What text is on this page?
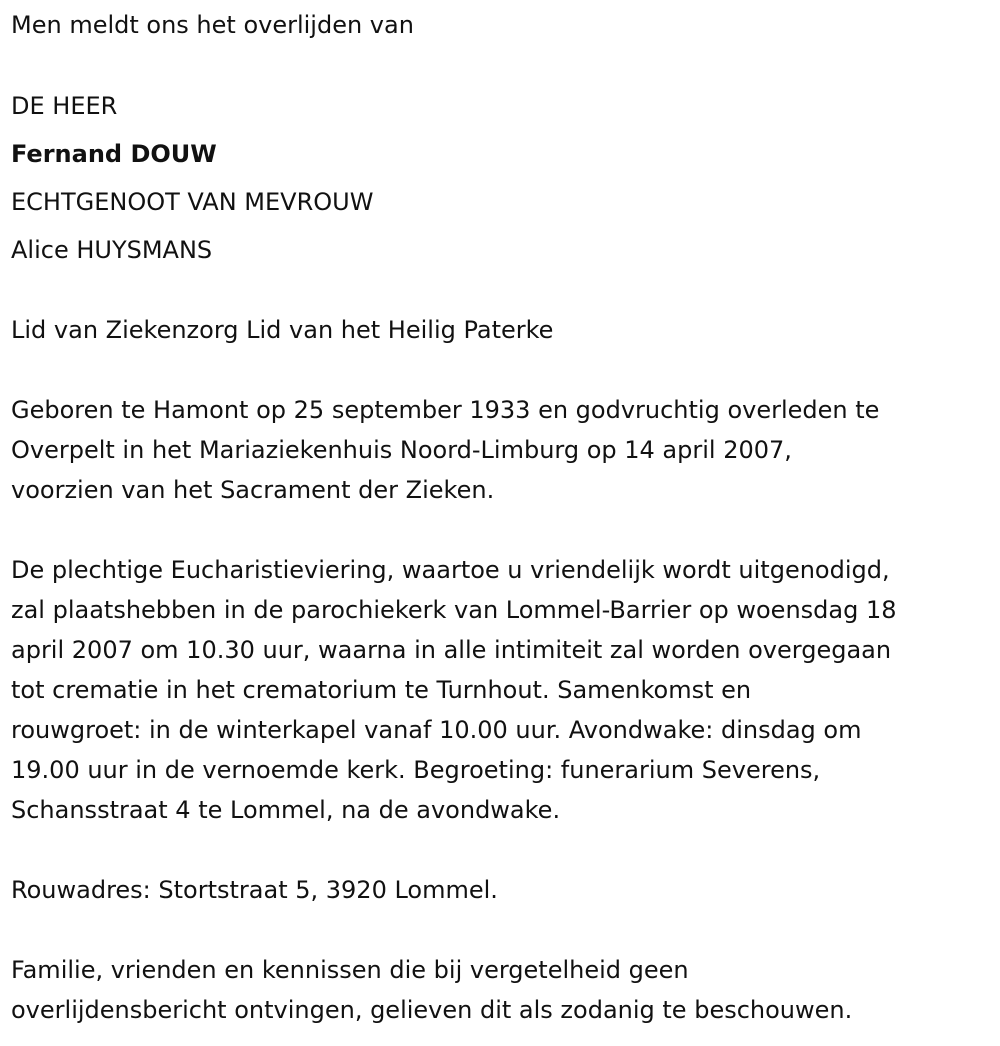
Men meldt ons het overlijden van
DE HEER
Fernand DOUW
ECHTGENOOT VAN MEVROUW
Alice HUYSMANS
Lid van Ziekenzorg Lid van het Heilig Paterke
Geboren te Hamont op 25 september 1933 en godvruchtig overleden te
Overpelt in het Mariaziekenhuis Noord-Limburg op 14 april 2007,
voorzien van het Sacrament der Zieken.
De plechtige Eucharistieviering, waartoe u vriendelijk wordt uitgenodigd,
zal plaatshebben in de parochiekerk van Lommel-Barrier op woensdag 18
april 2007 om 10.30 uur, waarna in alle intimiteit zal worden overgegaan
tot crematie in het crematorium te Turnhout. Samenkomst en
rouwgroet: in de winterkapel vanaf 10.00 uur. Avondwake: dinsdag om
19.00 uur in de vernoemde kerk. Begroeting: funerarium Severens,
Schansstraat 4 te Lommel, na de avondwake.
Rouwadres: Stortstraat 5, 3920 Lommel.
Familie, vrienden en kennissen die bij vergetelheid geen
overlijdensbericht ontvingen, gelieven dit als zodanig te beschouwen.
